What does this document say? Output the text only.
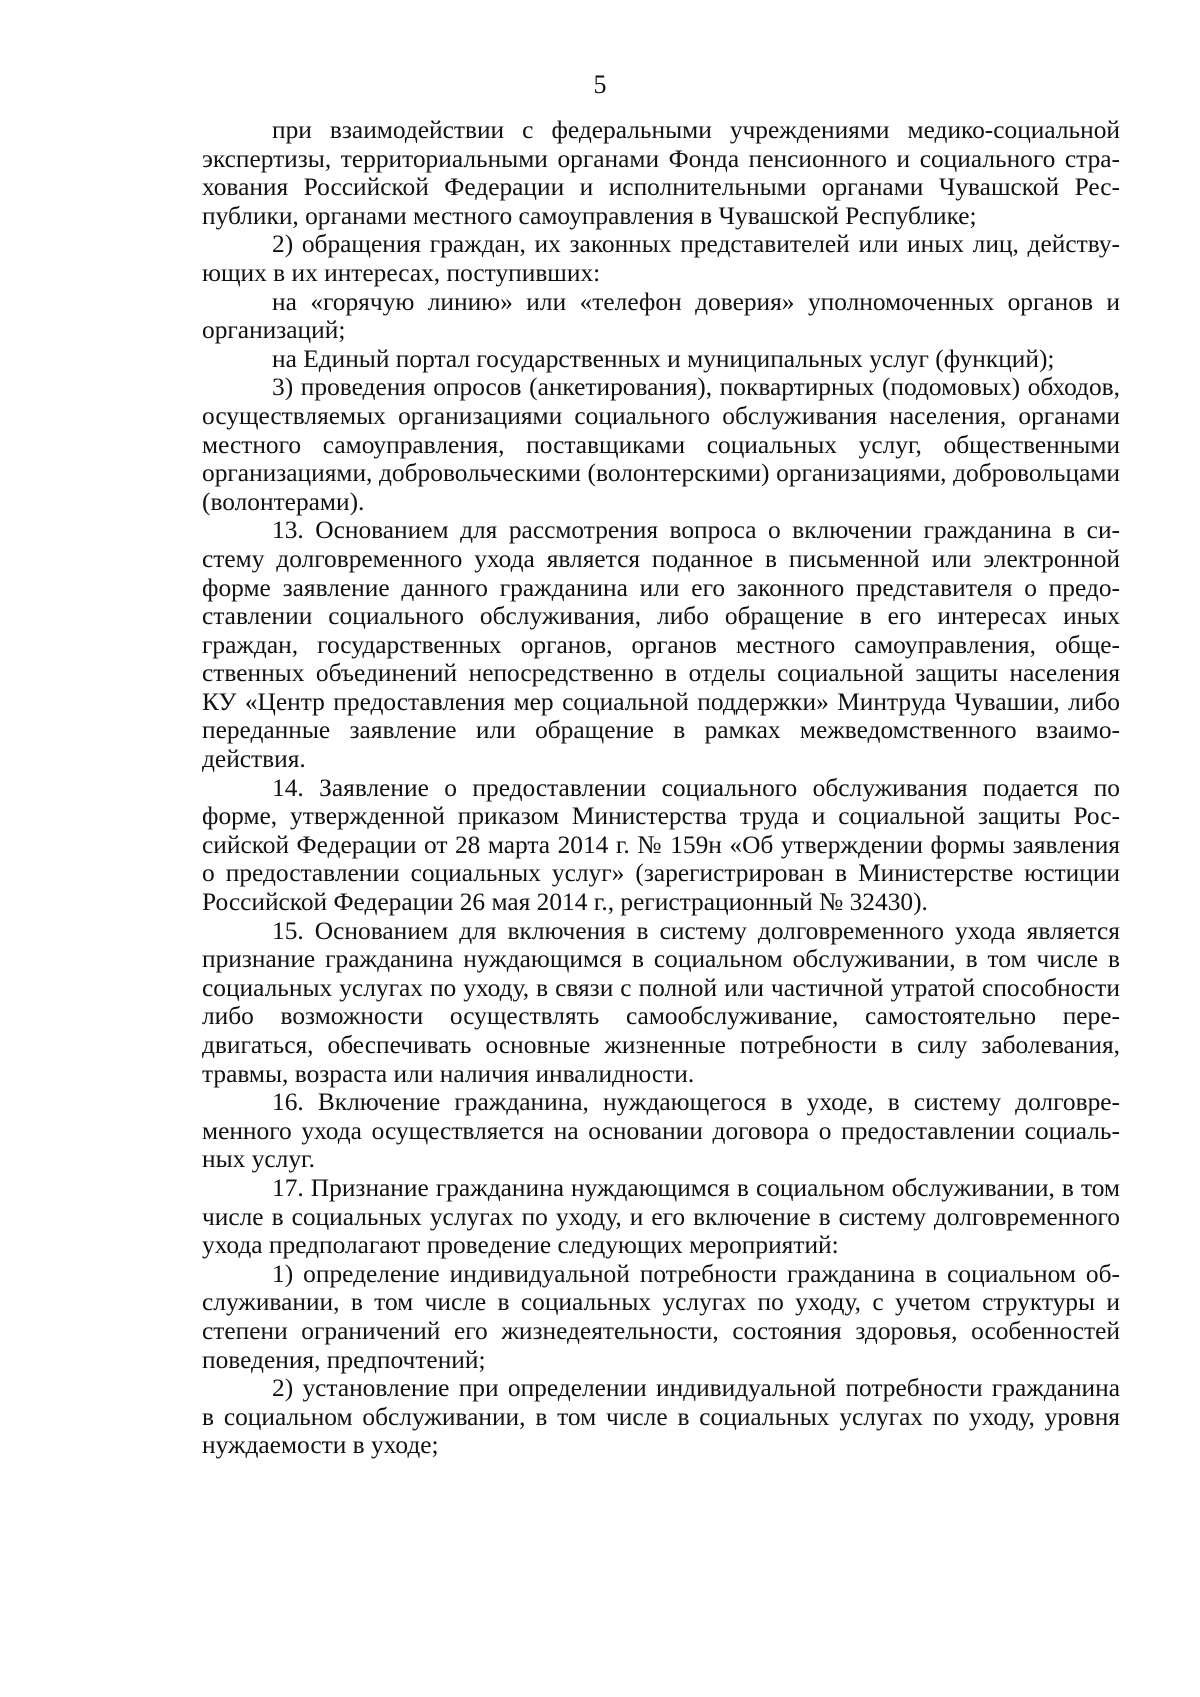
5

при взаимодействии с федеральными учреждениями медико-социальной экспертизы, территориальными органами Фонда пенсионного и социального страхования Российской Федерации и исполнительными органами Чувашской Республики, органами местного самоуправления в Чувашской Республике;

2) обращения граждан, их законных представителей или иных лиц, действующих в их интересах, поступивших:

на «горячую линию» или «телефон доверия» уполномоченных органов и организаций;

на Единый портал государственных и муниципальных услуг (функций);

3) проведения опросов (анкетирования), поквартирных (подомовых) обходов, осуществляемых организациями социального обслуживания населения, органами местного самоуправления, поставщиками социальных услуг, общественными организациями, добровольческими (волонтерскими) организациями, добровольцами (волонтерами).

13. Основанием для рассмотрения вопроса о включении гражданина в систему долговременного ухода является поданное в письменной или электронной форме заявление данного гражданина или его законного представителя о предоставлении социального обслуживания, либо обращение в его интересах иных граждан, государственных органов, органов местного самоуправления, общественных объединений непосредственно в отделы социальной защиты населения КУ «Центр предоставления мер социальной поддержки» Минтруда Чувашии, либо переданные заявление или обращение в рамках межведомственного взаимодействия.

14. Заявление о предоставлении социального обслуживания подается по форме, утвержденной приказом Министерства труда и социальной защиты Российской Федерации от 28 марта 2014 г. № 159н «Об утверждении формы заявления о предоставлении социальных услуг» (зарегистрирован в Министерстве юстиции Российской Федерации 26 мая 2014 г., регистрационный № 32430).

15. Основанием для включения в систему долговременного ухода является признание гражданина нуждающимся в социальном обслуживании, в том числе в социальных услугах по уходу, в связи с полной или частичной утратой способности либо возможности осуществлять самообслуживание, самостоятельно передвигаться, обеспечивать основные жизненные потребности в силу заболевания, травмы, возраста или наличия инвалидности.

16. Включение гражданина, нуждающегося в уходе, в систему долговременного ухода осуществляется на основании договора о предоставлении социальных услуг.

17. Признание гражданина нуждающимся в социальном обслуживании, в том числе в социальных услугах по уходу, и его включение в систему долговременного ухода предполагают проведение следующих мероприятий:

1) определение индивидуальной потребности гражданина в социальном обслуживании, в том числе в социальных услугах по уходу, с учетом структуры и степени ограничений его жизнедеятельности, состояния здоровья, особенностей поведения, предпочтений;

2) установление при определении индивидуальной потребности гражданина в социальном обслуживании, в том числе в социальных услугах по уходу, уровня нуждаемости в уходе;
